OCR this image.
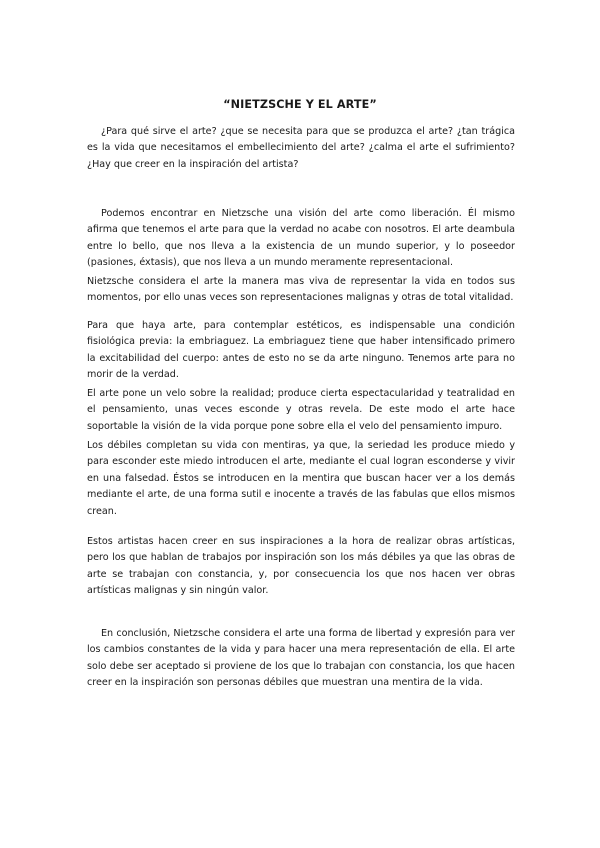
“NIETZSCHE Y EL ARTE”

¿Para qué sirve el arte? ¿que se necesita para que se produzca el arte? ¿tan trágica es la vida que necesitamos el embellecimiento del arte? ¿calma el arte el sufrimiento? ¿Hay que creer en la inspiración del artista?

Podemos encontrar en Nietzsche una visión del arte como liberación. Él mismo afirma que tenemos el arte para que la verdad no acabe con nosotros. El arte deambula entre lo bello, que nos lleva a la existencia de un mundo superior, y lo poseedor (pasiones, éxtasis), que nos lleva a un mundo meramente representacional.

Nietzsche considera el arte la manera mas viva de representar la vida en todos sus momentos, por ello unas veces son representaciones malignas y otras de total vitalidad.

Para que haya arte, para contemplar estéticos, es indispensable una condición fisiológica previa: la embriaguez. La embriaguez tiene que haber intensificado primero la excitabilidad del cuerpo: antes de esto no se da arte ninguno. Tenemos arte para no morir de la verdad.

El arte pone un velo sobre la realidad; produce cierta espectacularidad y teatralidad en el pensamiento, unas veces esconde y otras revela. De este modo el arte hace soportable la visión de la vida porque pone sobre ella el velo del pensamiento impuro.

Los débiles completan su vida con mentiras, ya que, la seriedad les produce miedo y para esconder este miedo introducen el arte, mediante el cual logran esconderse y vivir en una falsedad. Éstos se introducen en la mentira que buscan hacer ver a los demás mediante el arte, de una forma sutil e inocente a través de las fabulas que ellos mismos crean.

Estos artistas hacen creer en sus inspiraciones a la hora de realizar obras artísticas, pero los que hablan de trabajos por inspiración son los más débiles ya que las obras de arte se trabajan con constancia, y, por consecuencia los que nos hacen ver obras artísticas malignas y sin ningún valor.

En conclusión, Nietzsche considera el arte una forma de libertad y expresión para ver los cambios constantes de la vida y para hacer una mera representación de ella. El arte solo debe ser aceptado si proviene de los que lo trabajan con constancia, los que hacen creer en la inspiración son personas débiles que muestran una mentira de la vida.
